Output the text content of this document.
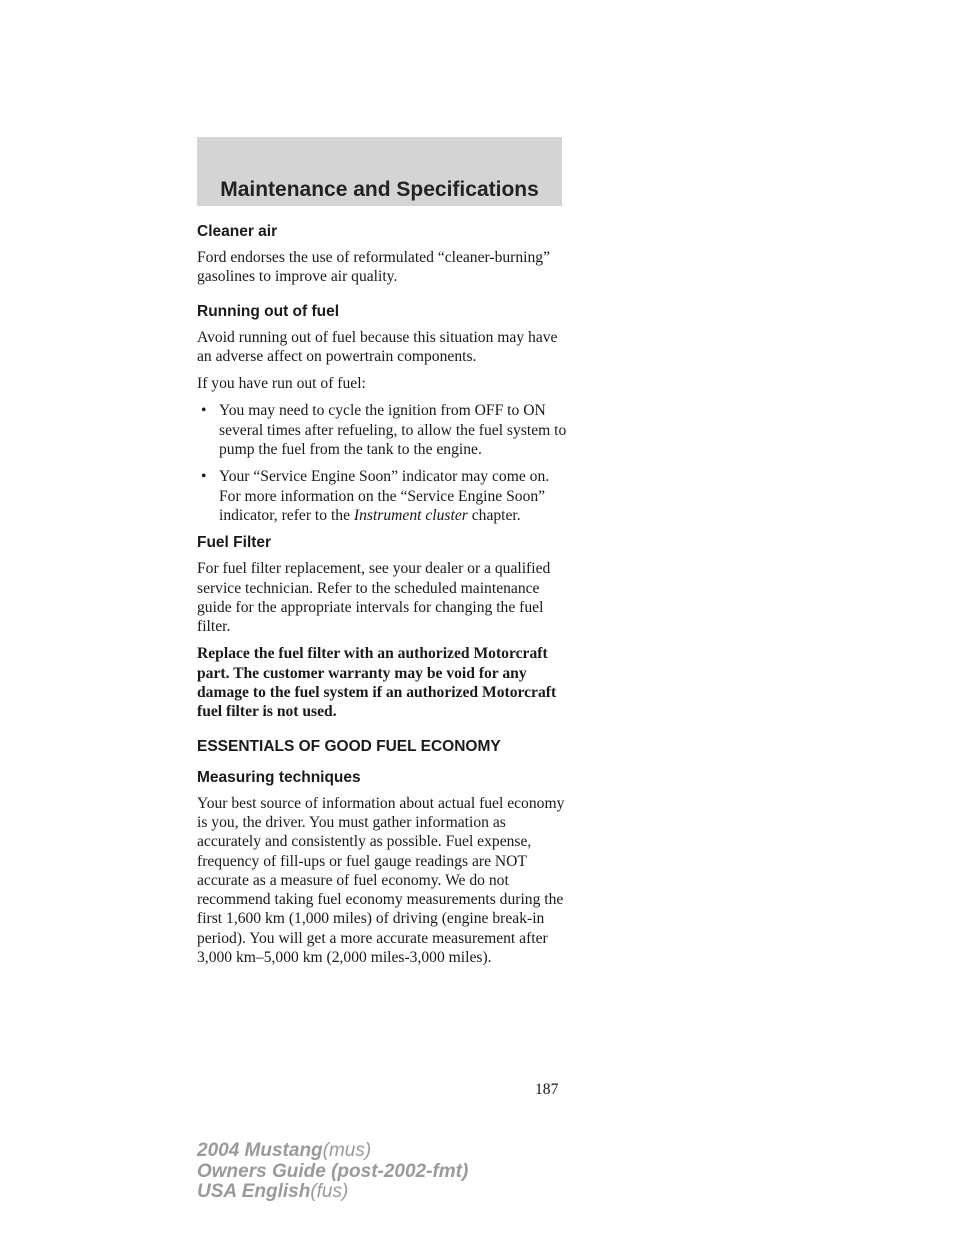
Maintenance and Specifications
Cleaner air

Ford endorses the use of reformulated “cleaner-burning” gasolines to improve air quality.

Running out of fuel

Avoid running out of fuel because this situation may have an adverse affect on powertrain components.

If you have run out of fuel:

• You may need to cycle the ignition from OFF to ON several times after refueling, to allow the fuel system to pump the fuel from the tank to the engine.
• Your “Service Engine Soon” indicator may come on. For more information on the “Service Engine Soon” indicator, refer to the Instrument cluster chapter.
Fuel Filter

For fuel filter replacement, see your dealer or a qualified service technician. Refer to the scheduled maintenance guide for the appropriate intervals for changing the fuel filter.

Replace the fuel filter with an authorized Motorcraft part. The customer warranty may be void for any damage to the fuel system if an authorized Motorcraft fuel filter is not used.

ESSENTIALS OF GOOD FUEL ECONOMY
Measuring techniques

Your best source of information about actual fuel economy is you, the driver. You must gather information as accurately and consistently as possible. Fuel expense, frequency of fill-ups or fuel gauge readings are NOT accurate as a measure of fuel economy. We do not recommend taking fuel economy measurements during the first 1,600 km (1,000 miles) of driving (engine break-in period). You will get a more accurate measurement after 3,000 km–5,000 km (2,000 miles-3,000 miles).

187
2004 Mustang(mus)
Owners Guide (post-2002-fmt)
USA English(fus)
